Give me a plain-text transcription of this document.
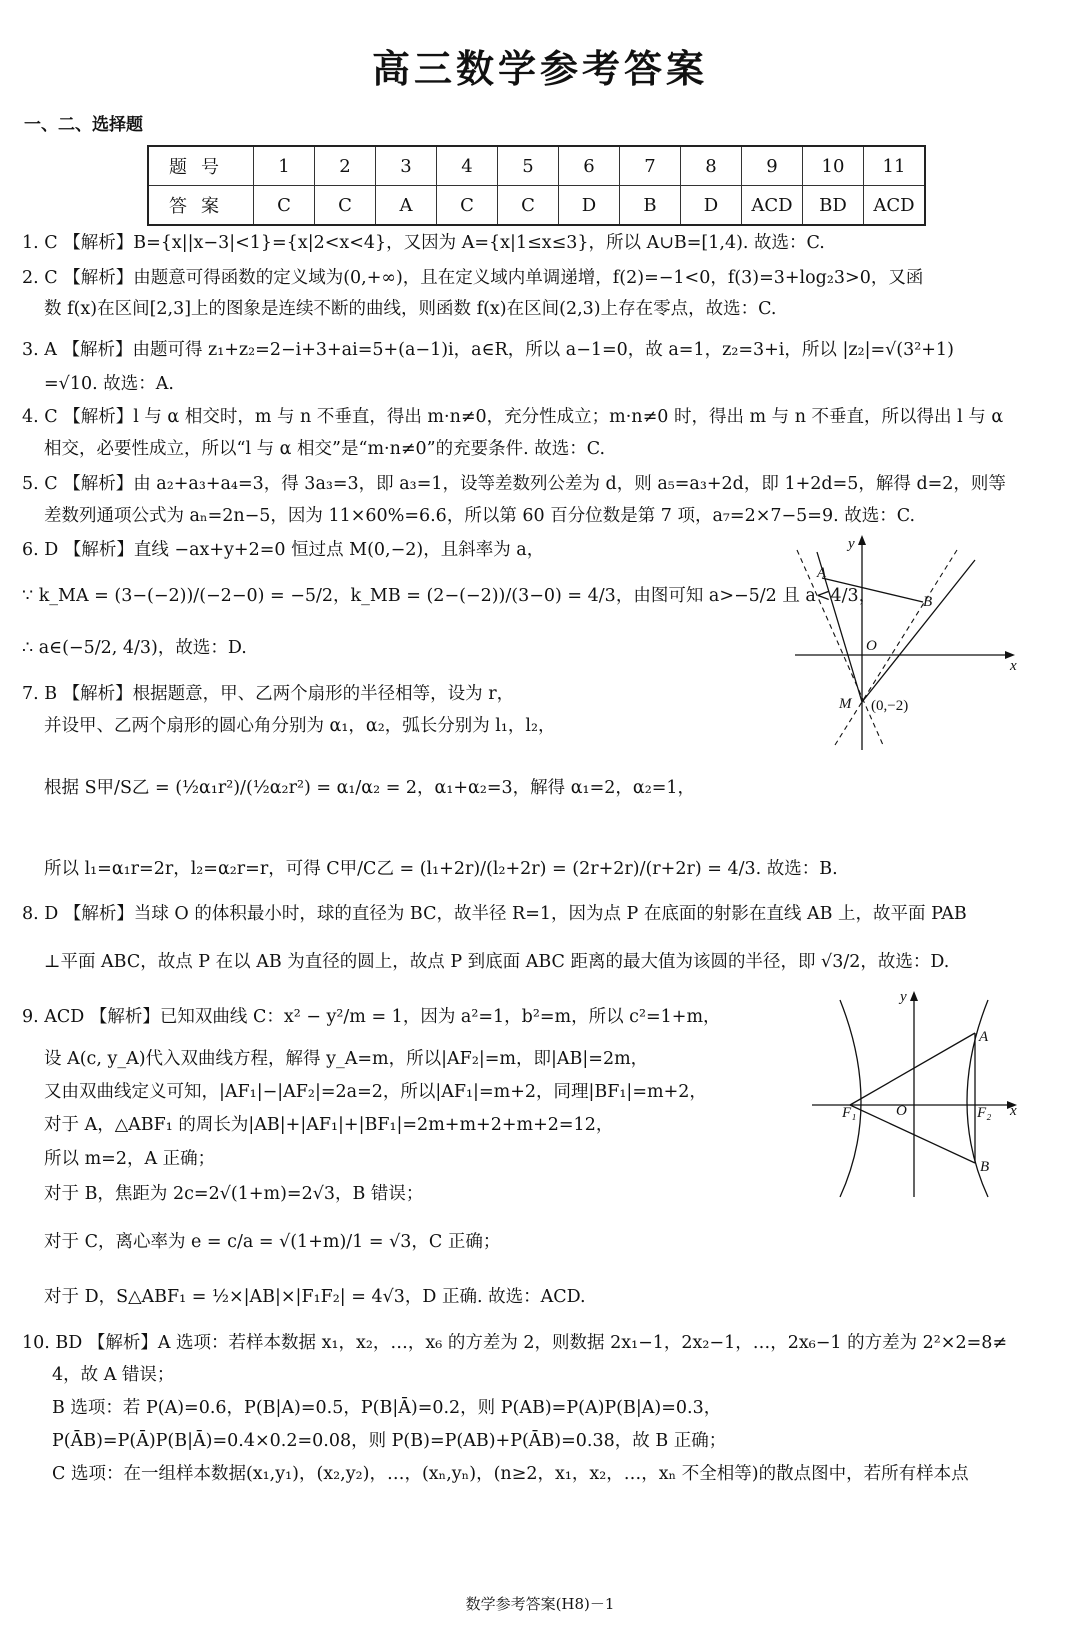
高三数学参考答案
一、二、选择题
题号	1	2	3	4	5	6	7	8	9	10	11
答案	C	C	A	C	C	D	B	D	ACD	BD	ACD
1. C 【解析】B={x||x−3|<1}={x|2<x<4}，又因为 A={x|1≤x≤3}，所以 A∪B=[1,4). 故选：C.
2. C 【解析】由题意可得函数的定义域为(0,+∞)，且在定义域内单调递增，f(2)=−1<0，f(3)=3+log₂3>0，又函
数 f(x)在区间[2,3]上的图象是连续不断的曲线，则函数 f(x)在区间(2,3)上存在零点，故选：C.
3. A 【解析】由题可得 z₁+z₂=2−i+3+ai=5+(a−1)i，a∈R，所以 a−1=0，故 a=1，z₂=3+i，所以 |z₂|=√(3²+1)
=√10. 故选：A.
4. C 【解析】l 与 α 相交时，m 与 n 不垂直，得出 m·n≠0，充分性成立；m·n≠0 时，得出 m 与 n 不垂直，所以得出 l 与 α
相交，必要性成立，所以“l 与 α 相交”是“m·n≠0”的充要条件. 故选：C.
5. C 【解析】由 a₂+a₃+a₄=3，得 3a₃=3，即 a₃=1，设等差数列公差为 d，则 a₅=a₃+2d，即 1+2d=5，解得 d=2，则等
差数列通项公式为 aₙ=2n−5，因为 11×60%=6.6，所以第 60 百分位数是第 7 项，a₇=2×7−5=9. 故选：C.
6. D 【解析】直线 −ax+y+2=0 恒过点 M(0,−2)，且斜率为 a，
∵ k_MA = (3−(−2))/(−2−0) = −5/2，k_MB = (2−(−2))/(3−0) = 4/3，由图可知 a>−5/2 且 a<4/3，
∴ a∈(−5/2, 4/3)，故选：D.
7. B 【解析】根据题意，甲、乙两个扇形的半径相等，设为 r，
并设甲、乙两个扇形的圆心角分别为 α₁，α₂，弧长分别为 l₁，l₂，
根据 S甲/S乙 = (½α₁r²)/(½α₂r²) = α₁/α₂ = 2，α₁+α₂=3，解得 α₁=2，α₂=1，
所以 l₁=α₁r=2r，l₂=α₂r=r，可得 C甲/C乙 = (l₁+2r)/(l₂+2r) = (2r+2r)/(r+2r) = 4/3. 故选：B.
8. D 【解析】当球 O 的体积最小时，球的直径为 BC，故半径 R=1，因为点 P 在底面的射影在直线 AB 上，故平面 PAB
⊥平面 ABC，故点 P 在以 AB 为直径的圆上，故点 P 到底面 ABC 距离的最大值为该圆的半径，即 √3/2，故选：D.
9. ACD 【解析】已知双曲线 C：x² − y²/m = 1，因为 a²=1，b²=m，所以 c²=1+m，
设 A(c, y_A)代入双曲线方程，解得 y_A=m，所以|AF₂|=m，即|AB|=2m，
又由双曲线定义可知，|AF₁|−|AF₂|=2a=2，所以|AF₁|=m+2，同理|BF₁|=m+2，
对于 A，△ABF₁ 的周长为|AB|+|AF₁|+|BF₁|=2m+m+2+m+2=12，
所以 m=2，A 正确；
对于 B，焦距为 2c=2√(1+m)=2√3，B 错误；
对于 C，离心率为 e = c/a = √(1+m)/1 = √3，C 正确；
对于 D，S△ABF₁ = ½×|AB|×|F₁F₂| = 4√3，D 正确. 故选：ACD.
10. BD 【解析】A 选项：若样本数据 x₁，x₂，…，x₆ 的方差为 2，则数据 2x₁−1，2x₂−1，…，2x₆−1 的方差为 2²×2=8≠
4，故 A 错误；
B 选项：若 P(A)=0.6，P(B|A)=0.5，P(B|Ā)=0.2，则 P(AB)=P(A)P(B|A)=0.3，
P(ĀB)=P(Ā)P(B|Ā)=0.4×0.2=0.08，则 P(B)=P(AB)+P(ĀB)=0.38，故 B 正确；
C 选项：在一组样本数据(x₁,y₁)，(x₂,y₂)，…，(xₙ,yₙ)，(n≥2，x₁，x₂，…，xₙ 不全相等)的散点图中，若所有样本点
y
x
O
A
B
M (0,−2)
y
x
O
A
B
F₁	F₂
数学参考答案(H8)－1
